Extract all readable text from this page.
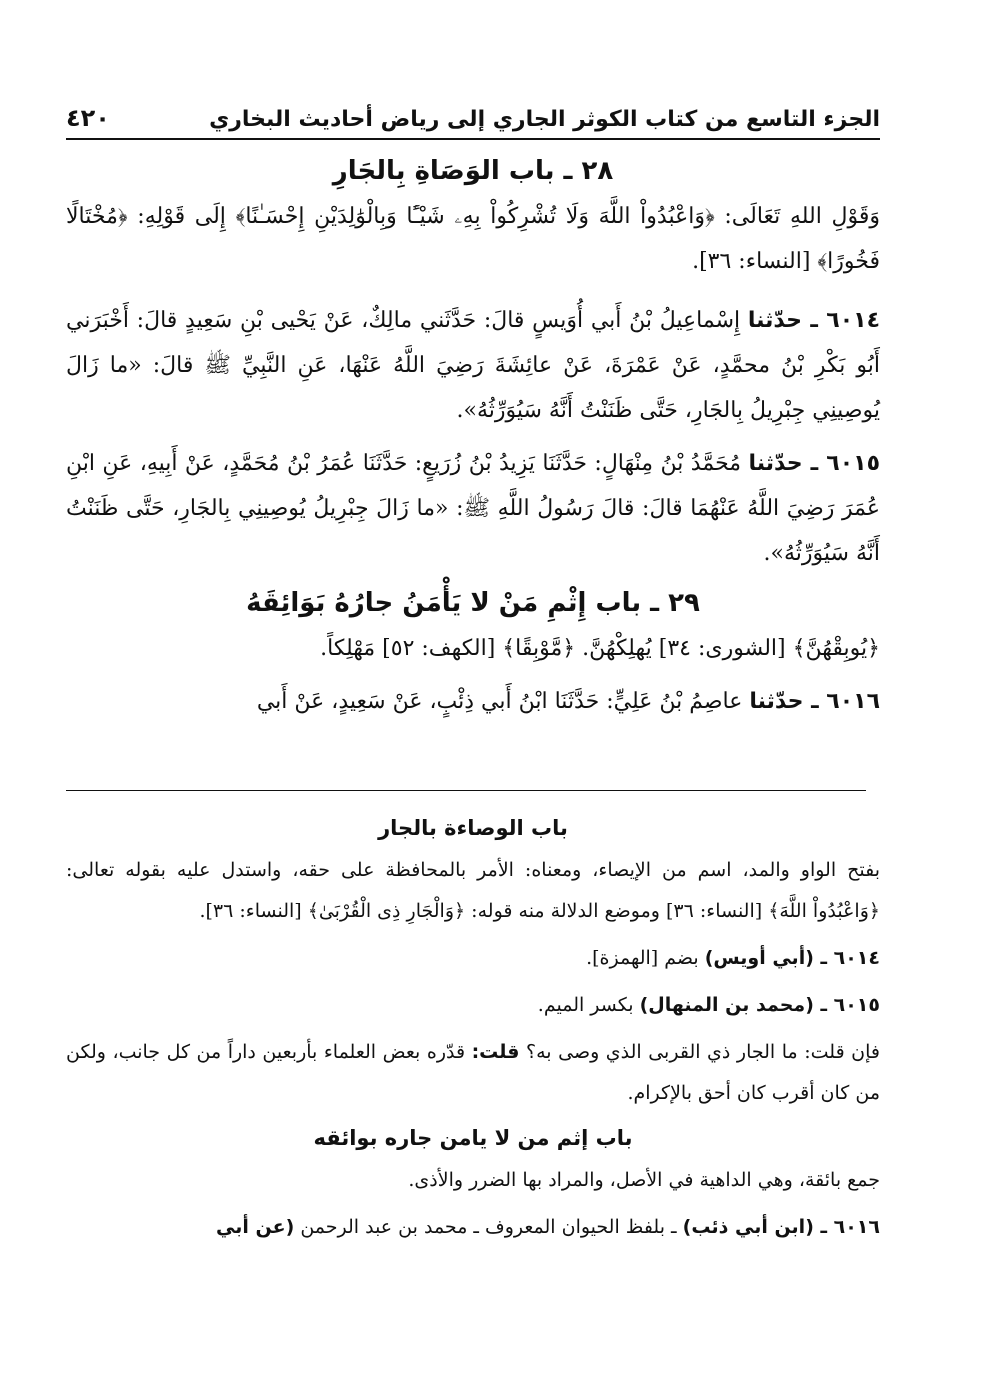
٤٢٠	الجزء التاسع من كتاب الكوثر الجاري إلى رياض أحاديث البخاري
٢٨ ـ باب الوَصَاةِ بِالجَارِ

وَقَوْلِ اللهِ تَعَالَى: ﴿وَاعْبُدُواْ اللَّهَ وَلَا تُشْرِكُواْ بِهِۦ شَيْـًٔا وَبِالْوَٰلِدَيْنِ إِحْسَـٰنًا﴾ إِلَى قَوْلِهِ: ﴿مُخْتَالًا فَخُورًا﴾ [النساء: ٣٦].

٦٠١٤ ـ حدّثنا إِسْماعِيلُ بْنُ أَبي أُوَيسٍ قالَ: حَدَّثَني مالِكٌ، عَنْ يَحْيى بْنِ سَعِيدٍ قالَ: أَخْبَرَني أَبُو بَكْرِ بْنُ محمَّدٍ، عَنْ عَمْرَةَ، عَنْ عائِشَةَ رَضِيَ اللَّهُ عَنْهَا، عَنِ النَّبِيِّ ﷺ قالَ: «ما زَالَ يُوصِينِي جِبْرِيلُ بِالجَارِ، حَتَّى ظَنَنْتُ أَنَّهُ سَيُوَرِّثُهُ».

٦٠١٥ ـ حدّثنا مُحَمَّدُ بْنُ مِنْهَالٍ: حَدَّثَنَا يَزِيدُ بْنُ زُرَيعٍ: حَدَّثَنَا عُمَرُ بْنُ مُحَمَّدٍ، عَنْ أَبِيهِ، عَنِ ابْنِ عُمَرَ رَضِيَ اللَّهُ عَنْهُمَا قالَ: قالَ رَسُولُ اللَّهِ ﷺ: «ما زَالَ جِبْرِيلُ يُوصِينِي بِالجَارِ، حَتَّى ظَنَنْتُ أَنَّهُ سَيُوَرِّثُهُ».

٢٩ ـ باب إِثْمِ مَنْ لا يَأْمَنُ جارُهُ بَوَائِقَهُ

﴿يُوبِقْهُنَّ﴾ [الشورى: ٣٤] يُهلِكْهُنَّ. ﴿مَّوْبِقًا﴾ [الكهف: ٥٢] مَهْلِكاً.

٦٠١٦ ـ حدّثنا عاصِمُ بْنُ عَلِيٍّ: حَدَّثَنَا ابْنُ أَبي ذِئْبٍ، عَنْ سَعِيدٍ، عَنْ أَبي

باب الوصاءة بالجار

بفتح الواو والمد، اسم من الإيصاء، ومعناه: الأمر بالمحافظة على حقه، واستدل عليه بقوله تعالى: ﴿وَاعْبُدُواْ اللَّهَ﴾ [النساء: ٣٦] وموضع الدلالة منه قوله: ﴿وَالْجَارِ ذِى الْقُرْبَىٰ﴾ [النساء: ٣٦].

٦٠١٤ ـ (أبي أويس) بضم [الهمزة].

٦٠١٥ ـ (محمد بن المنهال) بكسر الميم.

فإن قلت: ما الجار ذي القربى الذي وصى به؟ قلت: قدّره بعض العلماء بأربعين داراً من كل جانب، ولكن من كان أقرب كان أحق بالإكرام.

باب إثم من لا يامن جاره بوائقه

جمع بائقة، وهي الداهية في الأصل، والمراد بها الضرر والأذى.

٦٠١٦ ـ (ابن أبي ذئب) ـ بلفظ الحيوان المعروف ـ محمد بن عبد الرحمن (عن أبي
